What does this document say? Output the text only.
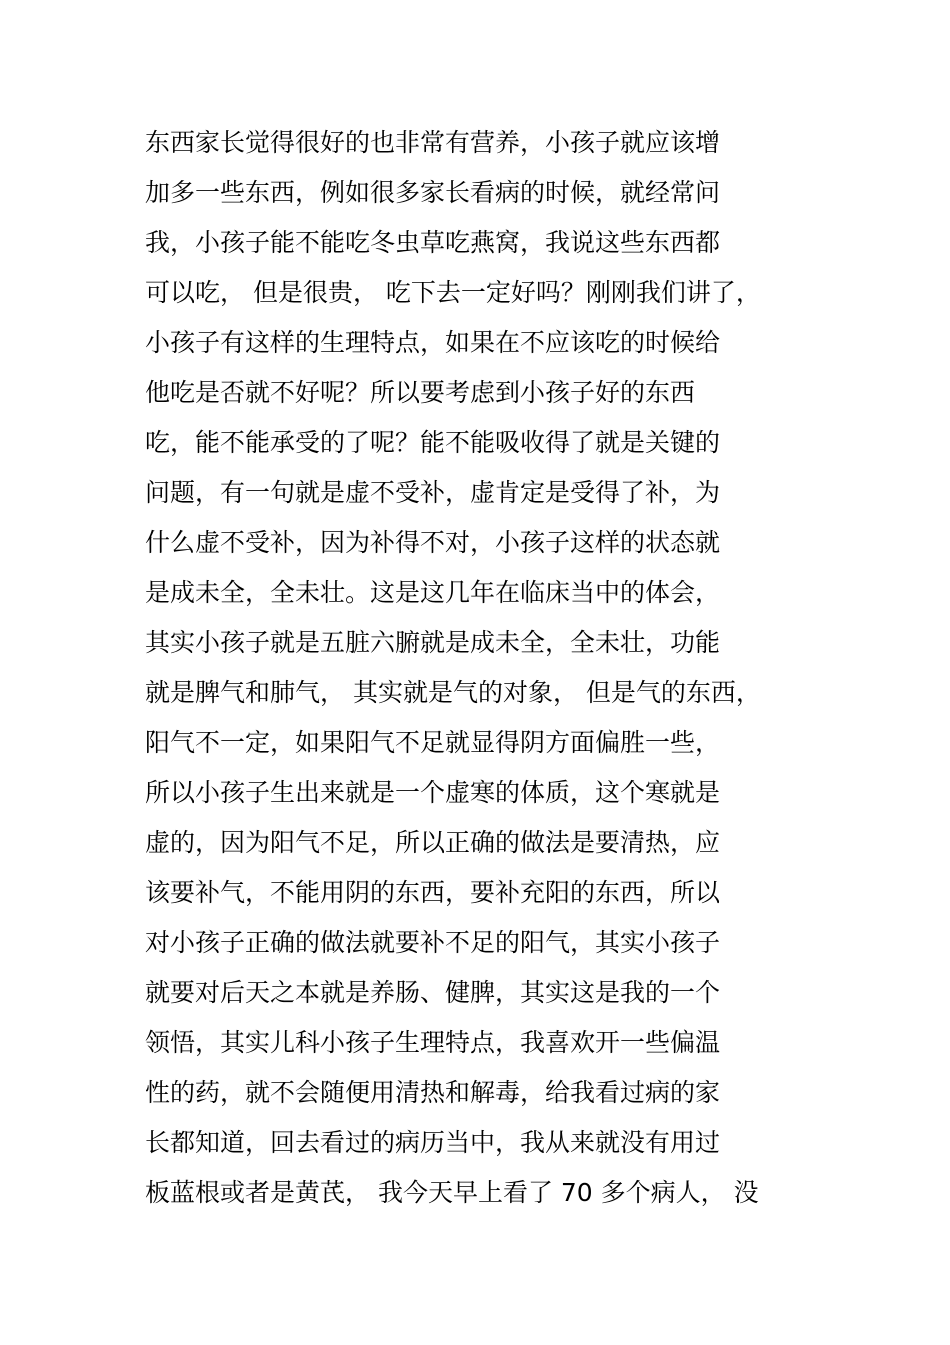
东西家长觉得很好的也非常有营养，小孩子就应该增
加多一些东西，例如很多家长看病的时候，就经常问
我，小孩子能不能吃冬虫草吃燕窝，我说这些东西都
可以吃， 但是很贵， 吃下去一定好吗？刚刚我们讲了，
小孩子有这样的生理特点，如果在不应该吃的时候给
他吃是否就不好呢？所以要考虑到小孩子好的东西
吃，能不能承受的了呢？能不能吸收得了就是关键的
问题，有一句就是虚不受补，虚肯定是受得了补，为
什么虚不受补，因为补得不对，小孩子这样的状态就
是成未全，全未壮。这是这几年在临床当中的体会，
其实小孩子就是五脏六腑就是成未全，全未壮，功能
就是脾气和肺气， 其实就是气的对象， 但是气的东西，
阳气不一定，如果阳气不足就显得阴方面偏胜一些，
所以小孩子生出来就是一个虚寒的体质，这个寒就是
虚的，因为阳气不足，所以正确的做法是要清热，应
该要补气，不能用阴的东西，要补充阳的东西，所以
对小孩子正确的做法就要补不足的阳气，其实小孩子
就要对后天之本就是养肠、健脾，其实这是我的一个
领悟，其实儿科小孩子生理特点，我喜欢开一些偏温
性的药，就不会随便用清热和解毒，给我看过病的家
长都知道，回去看过的病历当中，我从来就没有用过
板蓝根或者是黄芪， 我今天早上看了 70 多个病人， 没
